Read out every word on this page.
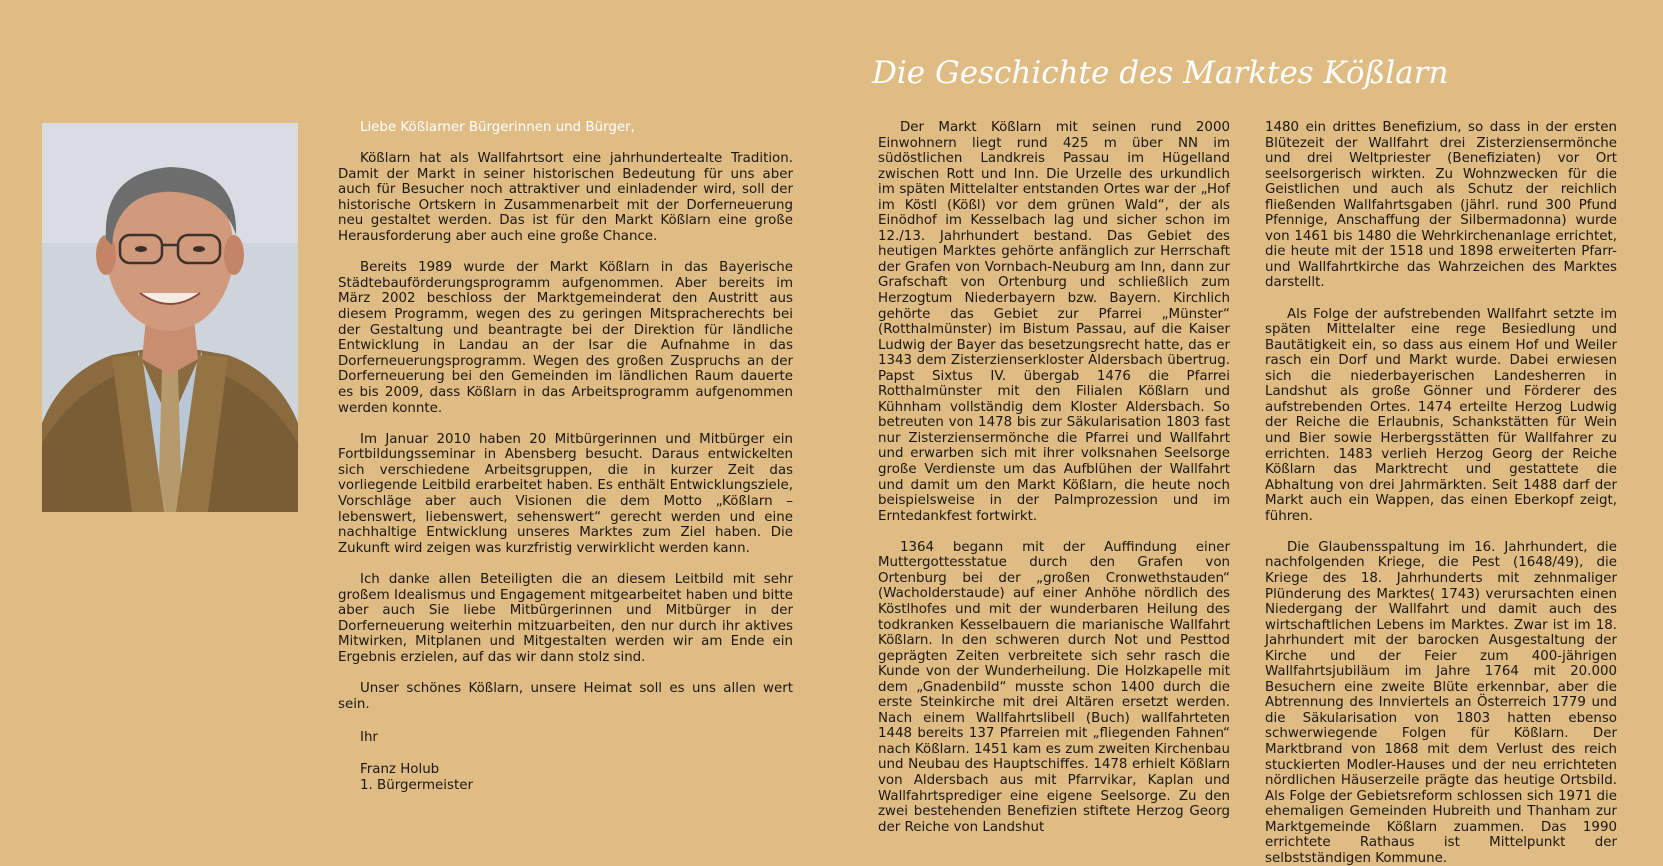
Liebe Kößlarner Bürgerinnen und Bürger,

Kößlarn hat als Wallfahrtsort eine jahrhundertealte Tradition. Damit der Markt in seiner historischen Bedeutung für uns aber auch für Besucher noch attraktiver und einladender wird, soll der historische Ortskern in Zusammenarbeit mit der Dorferneuerung neu gestaltet werden. Das ist für den Markt Kößlarn eine große Herausforderung aber auch eine große Chance.

Bereits 1989 wurde der Markt Kößlarn in das Bayerische Städtebauförderungsprogramm aufgenommen. Aber bereits im März 2002 beschloss der Marktgemeinderat den Austritt aus diesem Programm, wegen des zu geringen Mitspracherechts bei der Gestaltung und beantragte bei der Direktion für ländliche Entwicklung in Landau an der Isar die Aufnahme in das Dorferneuerungsprogramm. Wegen des großen Zuspruchs an der Dorferneuerung bei den Gemeinden im ländlichen Raum dauerte es bis 2009, dass Kößlarn in das Arbeitsprogramm aufgenommen werden konnte.

Im Januar 2010 haben 20 Mitbürgerinnen und Mitbürger ein Fortbildungsseminar in Abensberg besucht. Daraus entwickelten sich verschiedene Arbeitsgruppen, die in kurzer Zeit das vorliegende Leitbild erarbeitet haben. Es enthält Entwicklungsziele, Vorschläge aber auch Visionen die dem Motto „Kößlarn – lebenswert, liebenswert, sehenswert“ gerecht werden und eine nachhaltige Entwicklung unseres Marktes zum Ziel haben. Die Zukunft wird zeigen was kurzfristig verwirklicht werden kann.

Ich danke allen Beteiligten die an diesem Leitbild mit sehr großem Idealismus und Engagement mitgearbeitet haben und bitte aber auch Sie liebe Mitbürgerinnen und Mitbürger in der Dorferneuerung weiterhin mitzuarbeiten, den nur durch ihr aktives Mitwirken, Mitplanen und Mitgestalten werden wir am Ende ein Ergebnis erzielen, auf das wir dann stolz sind.

Unser schönes Kößlarn, unsere Heimat soll es uns allen wert sein.

Ihr

Franz Holub
1. Bürgermeister
Die Geschichte des Marktes Kößlarn

Der Markt Kößlarn mit seinen rund 2000 Einwohnern liegt rund 425 m über NN im südöstlichen Landkreis Passau im Hügelland zwischen Rott und Inn. Die Urzelle des urkundlich im späten Mittelalter entstanden Ortes war der „Hof im Köstl (Kößl) vor dem grünen Wald“, der als Einödhof im Kesselbach lag und sicher schon im 12./13. Jahrhundert bestand. Das Gebiet des heutigen Marktes gehörte anfänglich zur Herrschaft der Grafen von Vornbach-Neuburg am Inn, dann zur Grafschaft von Ortenburg und schließlich zum Herzogtum Niederbayern bzw. Bayern. Kirchlich gehörte das Gebiet zur Pfarrei „Münster“ (Rotthalmünster) im Bistum Passau, auf die Kaiser Ludwig der Bayer das besetzungsrecht hatte, das er 1343 dem Zisterzienserkloster Aldersbach übertrug. Papst Sixtus IV. übergab 1476 die Pfarrei Rotthalmünster mit den Filialen Kößlarn und Kühnham vollständig dem Kloster Aldersbach. So betreuten von 1478 bis zur Säkularisation 1803 fast nur Zisterziensermönche die Pfarrei und Wallfahrt und erwarben sich mit ihrer volksnahen Seelsorge große Verdienste um das Aufblühen der Wallfahrt und damit um den Markt Kößlarn, die heute noch beispielsweise in der Palmprozession und im Erntedankfest fortwirkt.

1364 begann mit der Auffindung einer Muttergottesstatue durch den Grafen von Ortenburg bei der „großen Cronwethstauden“ (Wacholderstaude) auf einer Anhöhe nördlich des Köstlhofes und mit der wunderbaren Heilung des todkranken Kesselbauern die marianische Wallfahrt Kößlarn. In den schweren durch Not und Pesttod geprägten Zeiten verbreitete sich sehr rasch die Kunde von der Wunderheilung. Die Holzkapelle mit dem „Gnadenbild“ musste schon 1400 durch die erste Steinkirche mit drei Altären ersetzt werden. Nach einem Wallfahrtslibell (Buch) wallfahrteten 1448 bereits 137 Pfarreien mit „fliegenden Fahnen“ nach Kößlarn. 1451 kam es zum zweiten Kirchenbau und Neubau des Hauptschiffes. 1478 erhielt Kößlarn von Aldersbach aus mit Pfarrvikar, Kaplan und Wallfahrtsprediger eine eigene Seelsorge. Zu den zwei bestehenden Benefizien stiftete Herzog Georg der Reiche von Landshut

1480 ein drittes Benefizium, so dass in der ersten Blütezeit der Wallfahrt drei Zisterziensermönche und drei Weltpriester (Benefiziaten) vor Ort seelsorgerisch wirkten. Zu Wohnzwecken für die Geistlichen und auch als Schutz der reichlich fließenden Wallfahrtsgaben (jährl. rund 300 Pfund Pfennige, Anschaffung der Silbermadonna) wurde von 1461 bis 1480 die Wehrkirchenanlage errichtet, die heute mit der 1518 und 1898 erweiterten Pfarr- und Wallfahrtkirche das Wahrzeichen des Marktes darstellt.

Als Folge der aufstrebenden Wallfahrt setzte im späten Mittelalter eine rege Besiedlung und Bautätigkeit ein, so dass aus einem Hof und Weiler rasch ein Dorf und Markt wurde. Dabei erwiesen sich die niederbayerischen Landesherren in Landshut als große Gönner und Förderer des aufstrebenden Ortes. 1474 erteilte Herzog Ludwig der Reiche die Erlaubnis, Schankstätten für Wein und Bier sowie Herbergsstätten für Wallfahrer zu errichten. 1483 verlieh Herzog Georg der Reiche Kößlarn das Marktrecht und gestattete die Abhaltung von drei Jahrmärkten. Seit 1488 darf der Markt auch ein Wappen, das einen Eberkopf zeigt, führen.

Die Glaubensspaltung im 16. Jahrhundert, die nachfolgenden Kriege, die Pest (1648/49), die Kriege des 18. Jahrhunderts mit zehnmaliger Plünderung des Marktes( 1743) verursachten einen Niedergang der Wallfahrt und damit auch des wirtschaftlichen Lebens im Marktes. Zwar ist im 18. Jahrhundert mit der barocken Ausgestaltung der Kirche und der Feier zum 400-jährigen Wallfahrtsjubiläum im Jahre 1764 mit 20.000 Besuchern eine zweite Blüte erkennbar, aber die Abtrennung des Innviertels an Österreich 1779 und die Säkularisation von 1803 hatten ebenso schwerwiegende Folgen für Kößlarn. Der Marktbrand von 1868 mit dem Verlust des reich stuckierten Modler-Hauses und der neu errichteten nördlichen Häuserzeile prägte das heutige Ortsbild. Als Folge der Gebietsreform schlossen sich 1971 die ehemaligen Gemeinden Hubreith und Thanham zur Marktgemeinde Kößlarn zuammen. Das 1990 errichtete Rathaus ist Mittelpunkt der selbstständigen Kommune.
